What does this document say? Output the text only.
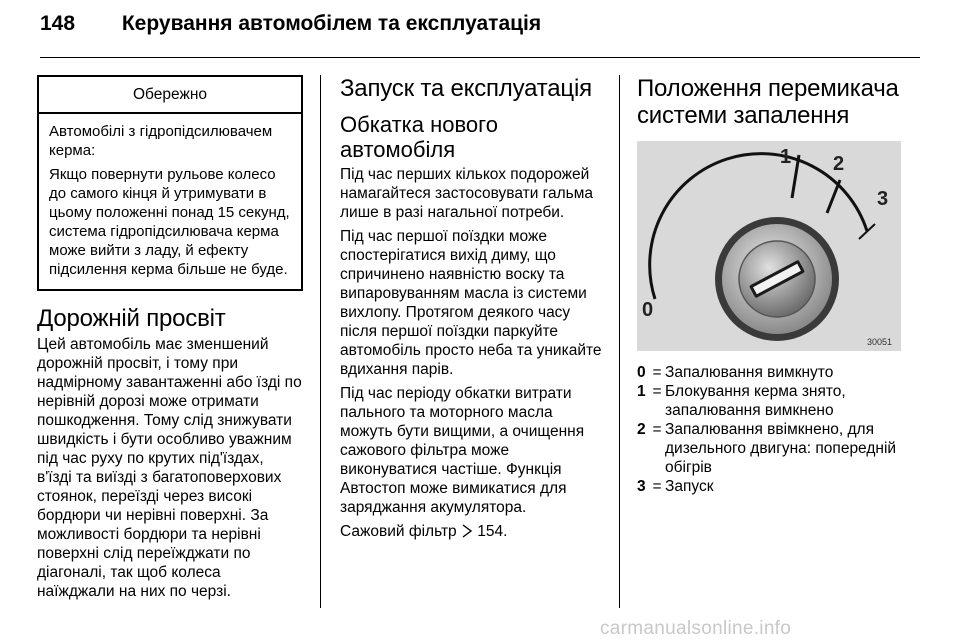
148 Керування автомобілем та експлуатація
Обережно

Автомобілі з гідропідсилювачем керма:

Якщо повернути рульове колесо до самого кінця й утримувати в цьому положенні понад 15 секунд, система гідропідсилювача керма може вийти з ладу, й ефекту підсилення керма більше не буде.

Дорожній просвіт

Цей автомобіль має зменшений дорожній просвіт, і тому при надмірному завантаженні або їзді по нерівній дорозі може отримати пошкодження. Тому слід знижувати швидкість і бути особливо уважним під час руху по крутих під'їздах, в'їзді та виїзді з багатоповерхових стоянок, переїзді через високі бордюри чи нерівні поверхні. За можливості бордюри та нерівні поверхні слід переїжджати по діагоналі, так щоб колеса наїжджали на них по черзі.

Запуск та експлуатація
Обкатка нового автомобіля

Під час перших кількох подорожей намагайтеся застосовувати гальма лише в разі нагальної потреби.

Під час першої поїздки може спостерігатися вихід диму, що спричинено наявністю воску та випаровуванням масла із системи вихлопу. Протягом деякого часу після першої поїздки паркуйте автомобіль просто неба та уникайте вдихання парів.

Під час періоду обкатки витрати пального та моторного масла можуть бути вищими, а очищення сажового фільтра може виконуватися частіше. Функція Автостоп може вимикатися для заряджання акумулятора.

Сажовий фільтр 154.

Положення перемикача системи запалення
0
1 2
3
30051
0 = Запалювання вимкнуто
1 = Блокування керма знято, запалювання вимкнено
2 = Запалювання ввімкнено, для дизельного двигуна: попередній обігрів
3 = Запуск
carmanualsonline.info
